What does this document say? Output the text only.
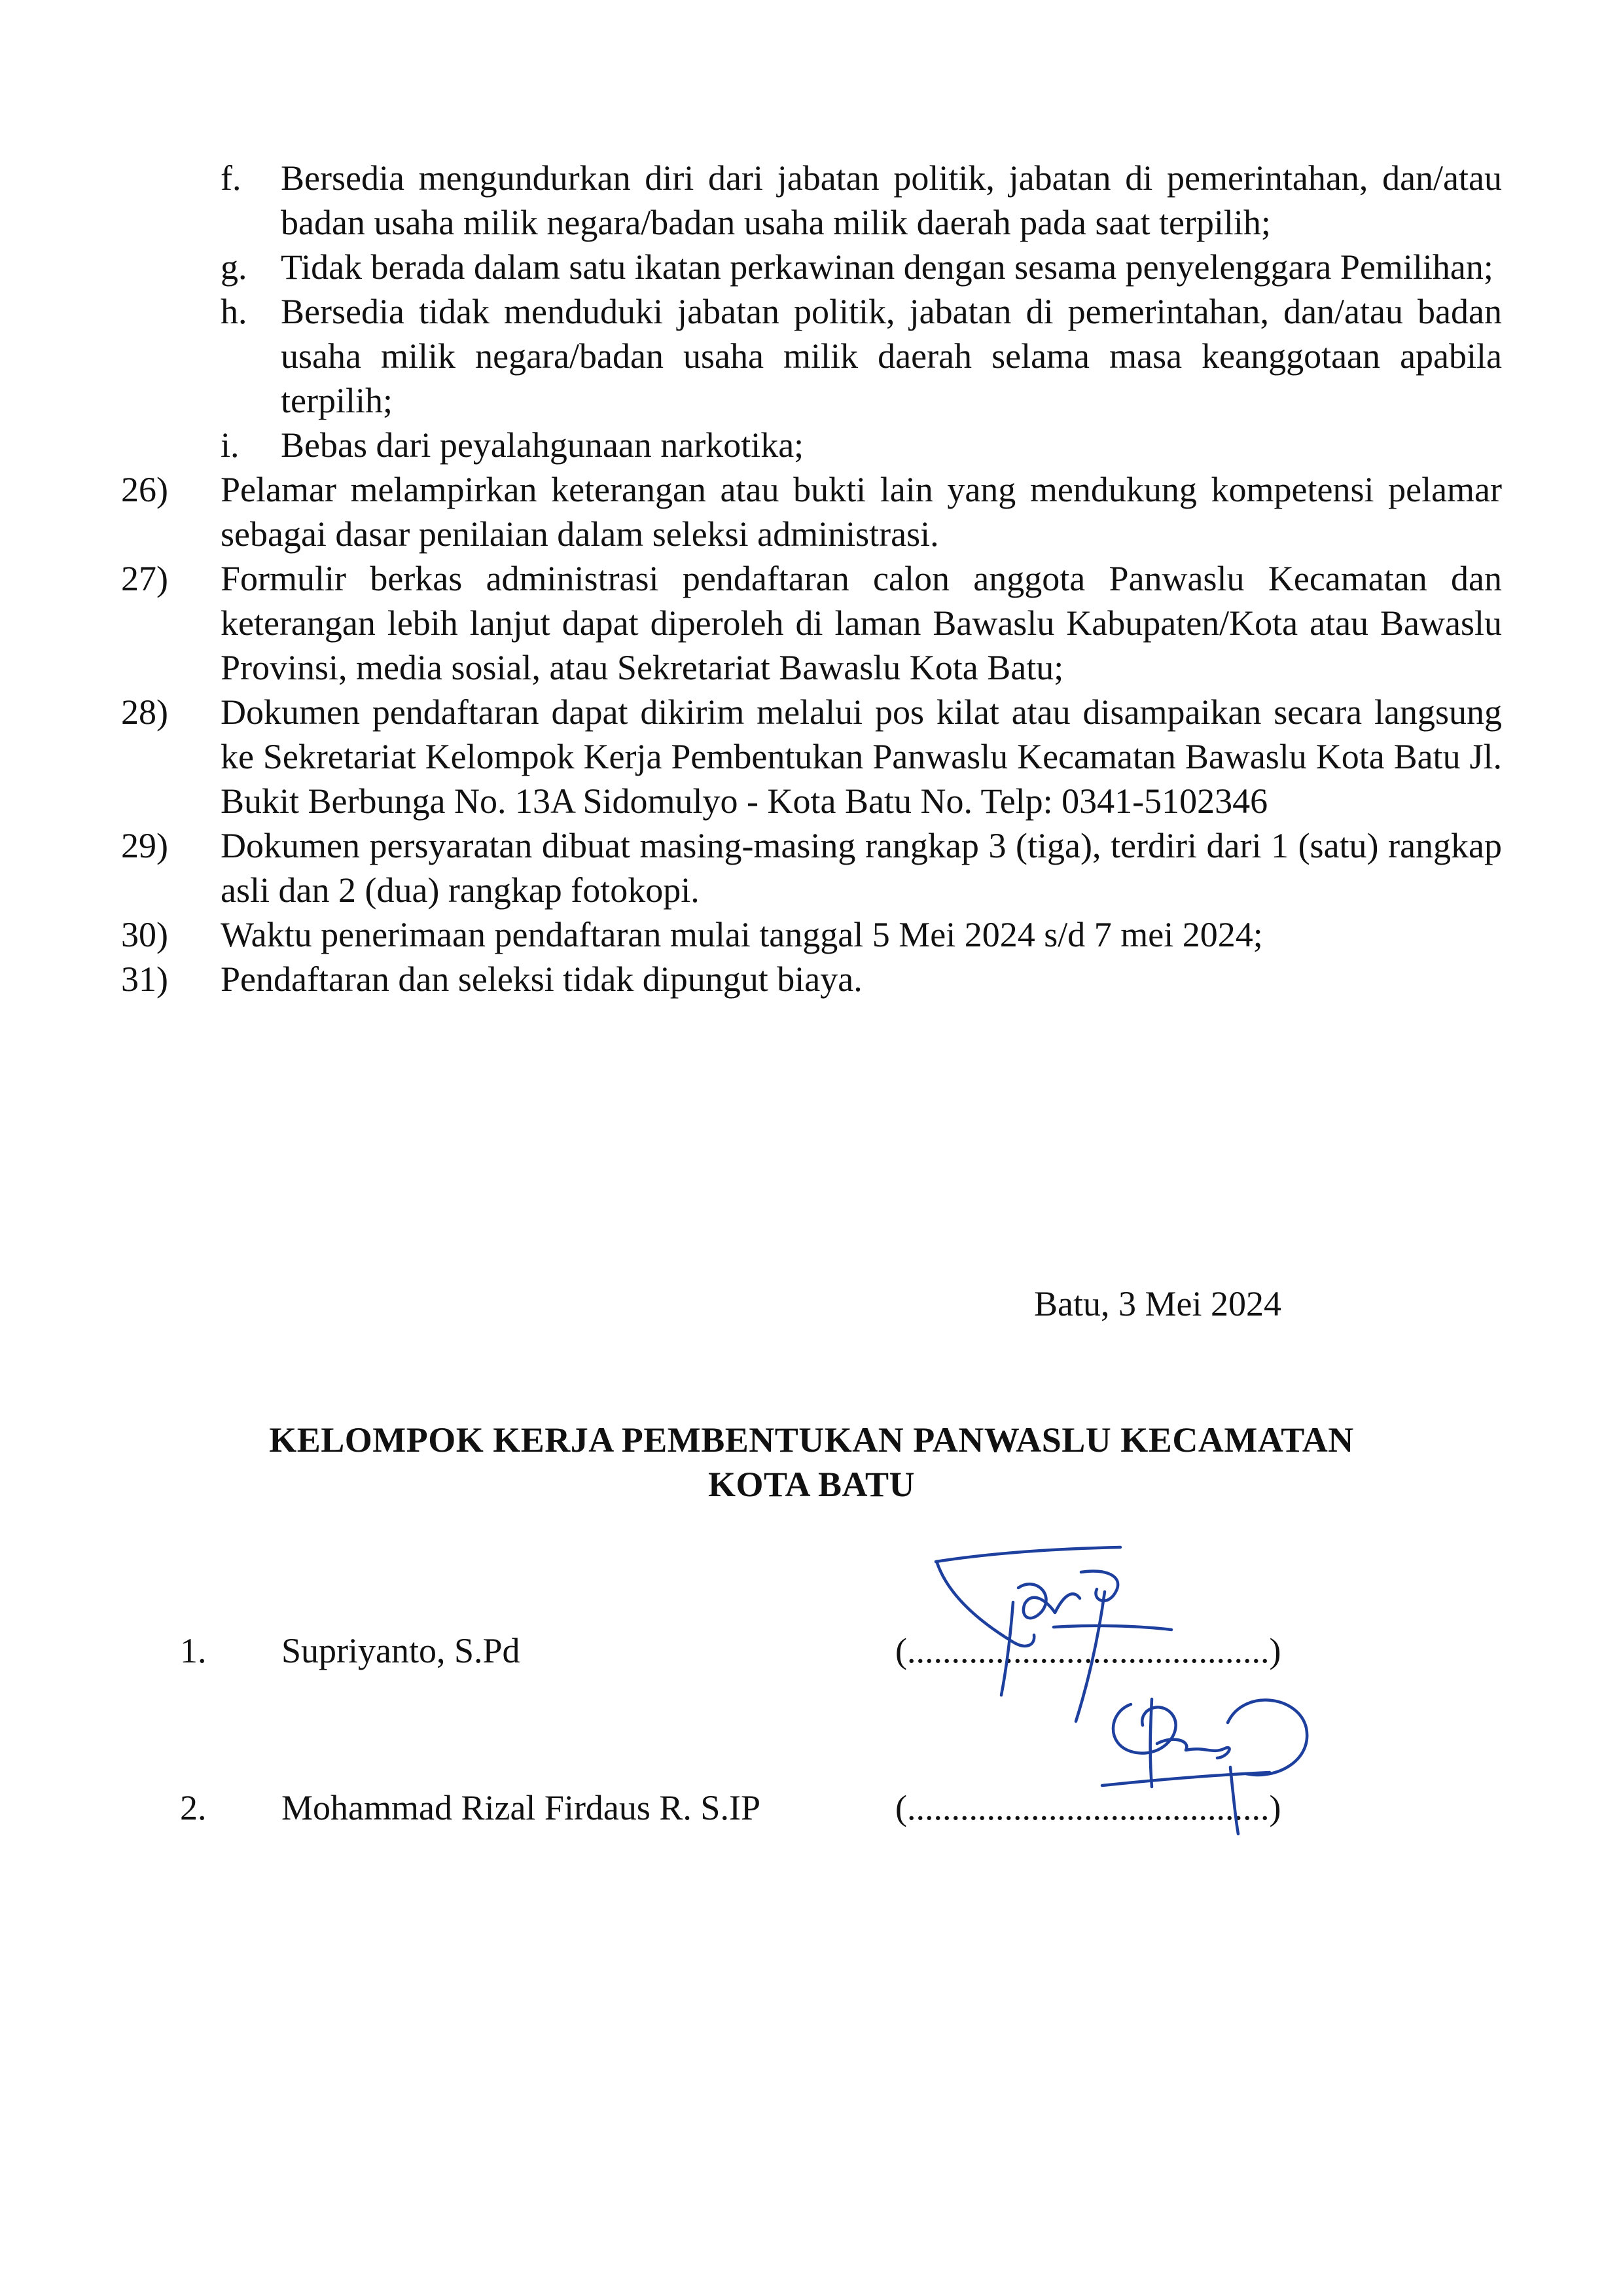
f. Bersedia mengundurkan diri dari jabatan politik, jabatan di pemerintahan, dan/atau badan usaha milik negara/badan usaha milik daerah pada saat terpilih;
g. Tidak berada dalam satu ikatan perkawinan dengan sesama penyelenggara Pemilihan;
h. Bersedia tidak menduduki jabatan politik, jabatan di pemerintahan, dan/atau badan usaha milik negara/badan usaha milik daerah selama masa keanggotaan apabila terpilih;
i. Bebas dari peyalahgunaan narkotika;
26) Pelamar melampirkan keterangan atau bukti lain yang mendukung kompetensi pelamar sebagai dasar penilaian dalam seleksi administrasi.
27) Formulir berkas administrasi pendaftaran calon anggota Panwaslu Kecamatan dan keterangan lebih lanjut dapat diperoleh di laman Bawaslu Kabupaten/Kota atau Bawaslu Provinsi, media sosial, atau Sekretariat Bawaslu Kota Batu;
28) Dokumen pendaftaran dapat dikirim melalui pos kilat atau disampaikan secara langsung ke Sekretariat Kelompok Kerja Pembentukan Panwaslu Kecamatan Bawaslu Kota Batu Jl. Bukit Berbunga No. 13A Sidomulyo - Kota Batu No. Telp: 0341-5102346
29) Dokumen persyaratan dibuat masing-masing rangkap 3 (tiga), terdiri dari 1 (satu) rangkap asli dan 2 (dua) rangkap fotokopi.
30) Waktu penerimaan pendaftaran mulai tanggal 5 Mei 2024 s/d 7 mei 2024;
31) Pendaftaran dan seleksi tidak dipungut biaya.
Batu, 3 Mei 2024
KELOMPOK KERJA PEMBENTUKAN PANWASLU KECAMATAN
KOTA BATU
1. Supriyanto, S.Pd	(.........................................)
2. Mohammad Rizal Firdaus R. S.IP	(.........................................)
